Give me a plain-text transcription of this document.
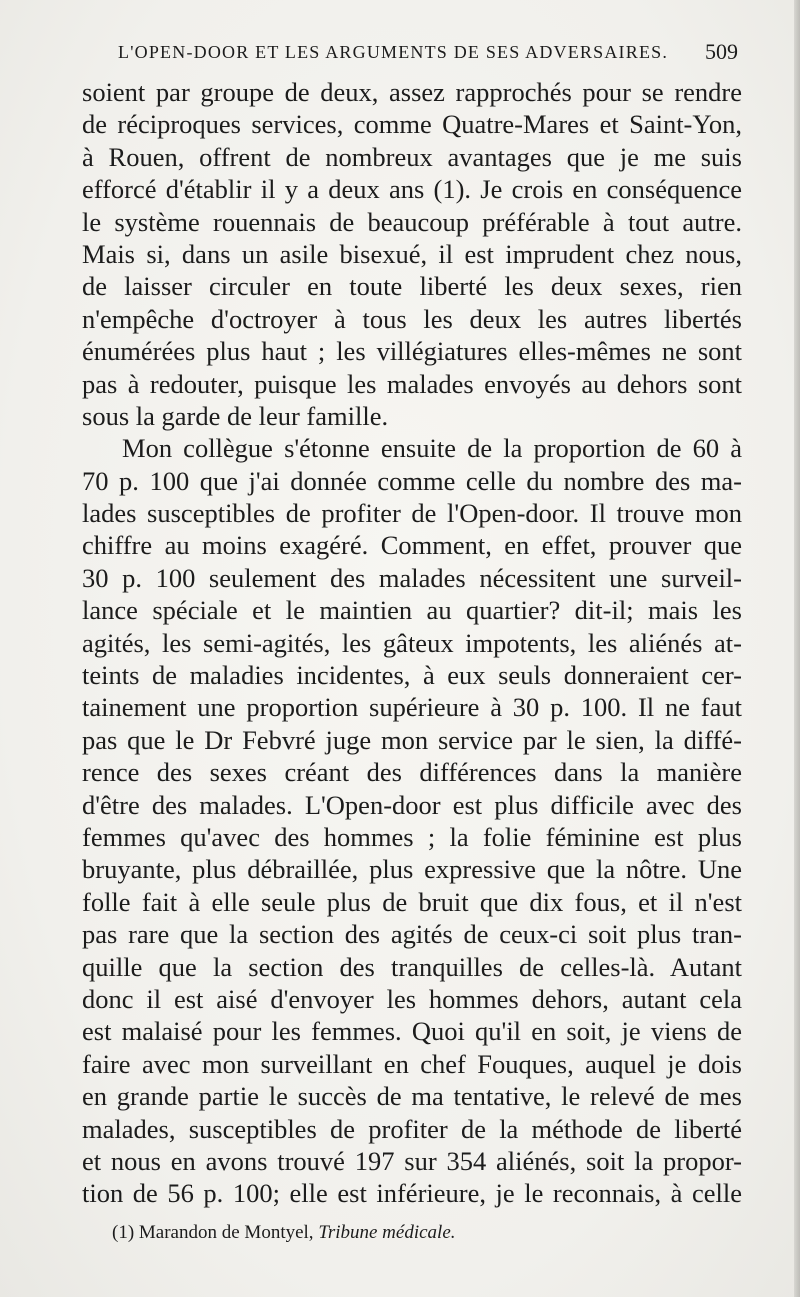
L'OPEN-DOOR ET LES ARGUMENTS DE SES ADVERSAIRES. 509
soient par groupe de deux, assez rapprochés pour se rendre
de réciproques services, comme Quatre-Mares et Saint-Yon,
à Rouen, offrent de nombreux avantages que je me suis
efforcé d'établir il y a deux ans (1). Je crois en conséquence
le système rouennais de beaucoup préférable à tout autre.
Mais si, dans un asile bisexué, il est imprudent chez nous,
de laisser circuler en toute liberté les deux sexes, rien
n'empêche d'octroyer à tous les deux les autres libertés
énumérées plus haut ; les villégiatures elles-mêmes ne sont
pas à redouter, puisque les malades envoyés au dehors sont
sous la garde de leur famille.
Mon collègue s'étonne ensuite de la proportion de 60 à
70 p. 100 que j'ai donnée comme celle du nombre des ma-
lades susceptibles de profiter de l'Open-door. Il trouve mon
chiffre au moins exagéré. Comment, en effet, prouver que
30 p. 100 seulement des malades nécessitent une surveil-
lance spéciale et le maintien au quartier? dit-il; mais les
agités, les semi-agités, les gâteux impotents, les aliénés at-
teints de maladies incidentes, à eux seuls donneraient cer-
tainement une proportion supérieure à 30 p. 100. Il ne faut
pas que le Dr Febvré juge mon service par le sien, la diffé-
rence des sexes créant des différences dans la manière
d'être des malades. L'Open-door est plus difficile avec des
femmes qu'avec des hommes ; la folie féminine est plus
bruyante, plus débraillée, plus expressive que la nôtre. Une
folle fait à elle seule plus de bruit que dix fous, et il n'est
pas rare que la section des agités de ceux-ci soit plus tran-
quille que la section des tranquilles de celles-là. Autant
donc il est aisé d'envoyer les hommes dehors, autant cela
est malaisé pour les femmes. Quoi qu'il en soit, je viens de
faire avec mon surveillant en chef Fouques, auquel je dois
en grande partie le succès de ma tentative, le relevé de mes
malades, susceptibles de profiter de la méthode de liberté
et nous en avons trouvé 197 sur 354 aliénés, soit la propor-
tion de 56 p. 100; elle est inférieure, je le reconnais, à celle
(1) Marandon de Montyel, Tribune médicale.
